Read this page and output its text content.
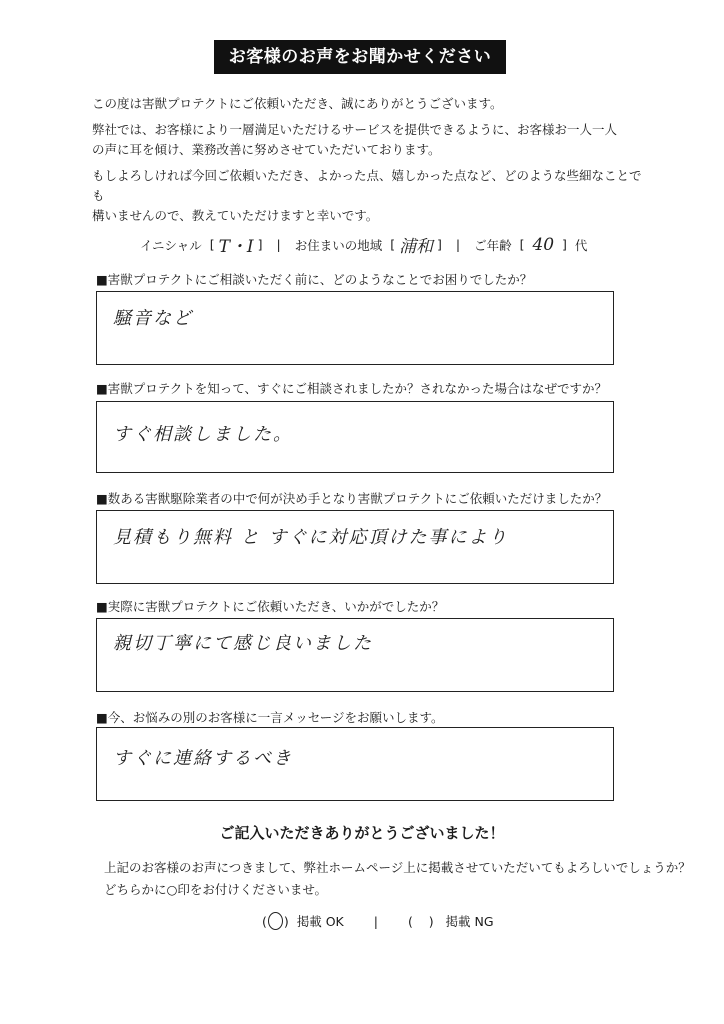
お客様のお声をお聞かせください

この度は害獣プロテクトにご依頼いただき、誠にありがとうございます。

弊社では、お客様により一層満足いただけるサービスを提供できるように、お客様お一人一人
の声に耳を傾け、業務改善に努めさせていただいております。

もしよろしければ今回ご依頼いただき、よかった点、嬉しかった点など、どのような些細なことでも
構いませんので、教えていただけますと幸いです。

イニシャル  [ T・I ] | お住まいの地域  [ 浦和 ] | ご年齢  [  40  ]  代
■害獣プロテクトにご相談いただく前に、どのようなことでお困りでしたか？
騒音など
■害獣プロテクトを知って、すぐにご相談されましたか？されなかった場合はなぜですか？
すぐ相談しました。
■数ある害獣駆除業者の中で何が決め手となり害獣プロテクトにご依頼いただけましたか？
見積もり無料 と すぐに対応頂けた事により
■実際に害獣プロテクトにご依頼いただき、いかがでしたか？
親切丁寧にて感じ良いました
■今、お悩みの別のお客様に一言メッセージをお願いします。
すぐに連絡するべき
ご記入いただきありがとうございました！
上記のお客様のお声につきまして、弊社ホームページ上に掲載させていただいてもよろしいでしょうか？
どちらかに○印をお付けくださいませ。
(○)  掲載 OK | (    )   掲載 NG
